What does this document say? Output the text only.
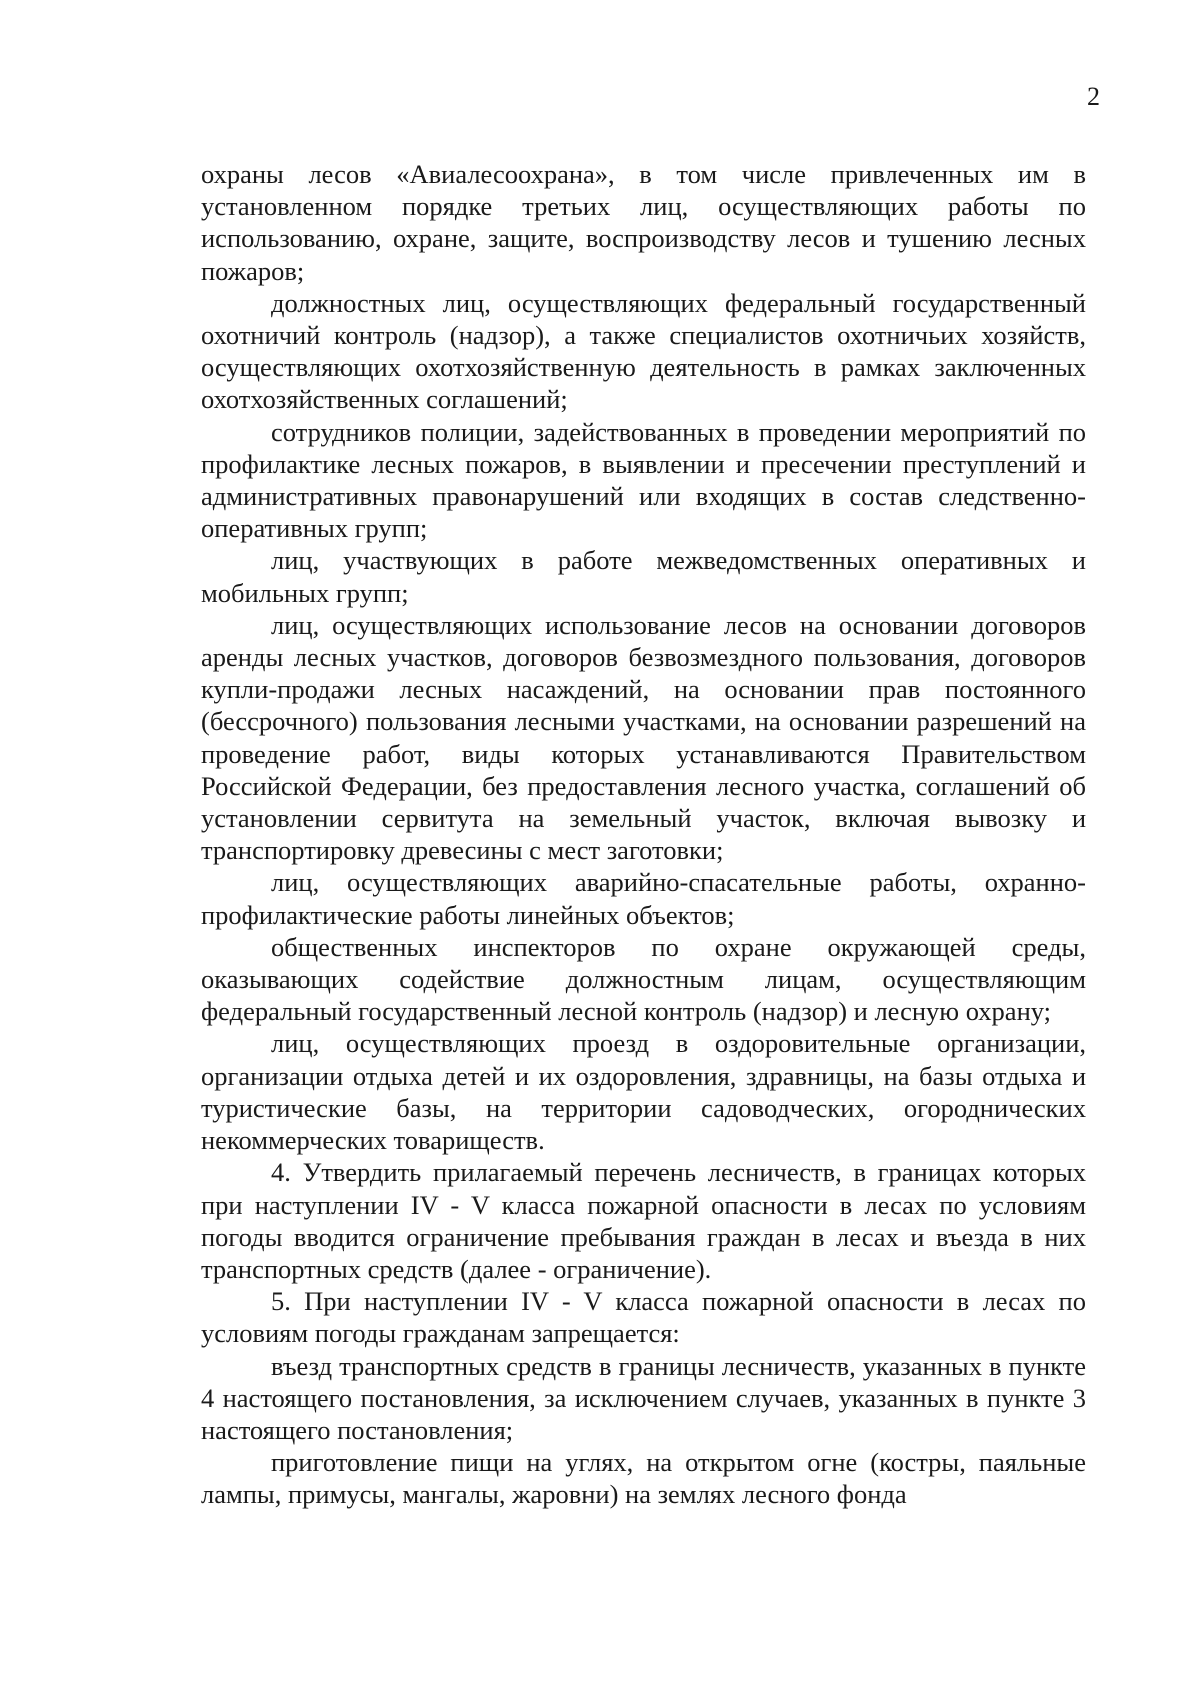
2

охраны лесов «Авиалесоохрана», в том числе привлеченных им в установленном порядке третьих лиц, осуществляющих работы по использованию, охране, защите, воспроизводству лесов и тушению лесных пожаров;

должностных лиц, осуществляющих федеральный государственный охотничий контроль (надзор), а также специалистов охотничьих хозяйств, осуществляющих охотхозяйственную деятельность в рамках заключенных охотхозяйственных соглашений;

сотрудников полиции, задействованных в проведении мероприятий по профилактике лесных пожаров, в выявлении и пресечении преступлений и административных правонарушений или входящих в состав следственно-оперативных групп;

лиц, участвующих в работе межведомственных оперативных и мобильных групп;

лиц, осуществляющих использование лесов на основании договоров аренды лесных участков, договоров безвозмездного пользования, договоров купли-продажи лесных насаждений, на основании прав постоянного (бессрочного) пользования лесными участками, на основании разрешений на проведение работ, виды которых устанавливаются Правительством Российской Федерации, без предоставления лесного участка, соглашений об установлении сервитута на земельный участок, включая вывозку и транспортировку древесины с мест заготовки;

лиц, осуществляющих аварийно-спасательные работы, охранно-профилактические работы линейных объектов;

общественных инспекторов по охране окружающей среды, оказывающих содействие должностным лицам, осуществляющим федеральный государственный лесной контроль (надзор) и лесную охрану;

лиц, осуществляющих проезд в оздоровительные организации, организации отдыха детей и их оздоровления, здравницы, на базы отдыха и туристические базы, на территории садоводческих, огороднических некоммерческих товариществ.

4. Утвердить прилагаемый перечень лесничеств, в границах которых при наступлении IV - V класса пожарной опасности в лесах по условиям погоды вводится ограничение пребывания граждан в лесах и въезда в них транспортных средств (далее - ограничение).

5. При наступлении IV - V класса пожарной опасности в лесах по условиям погоды гражданам запрещается:

въезд транспортных средств в границы лесничеств, указанных в пункте 4 настоящего постановления, за исключением случаев, указанных в пункте 3 настоящего постановления;

приготовление пищи на углях, на открытом огне (костры, паяльные лампы, примусы, мангалы, жаровни) на землях лесного фонда
